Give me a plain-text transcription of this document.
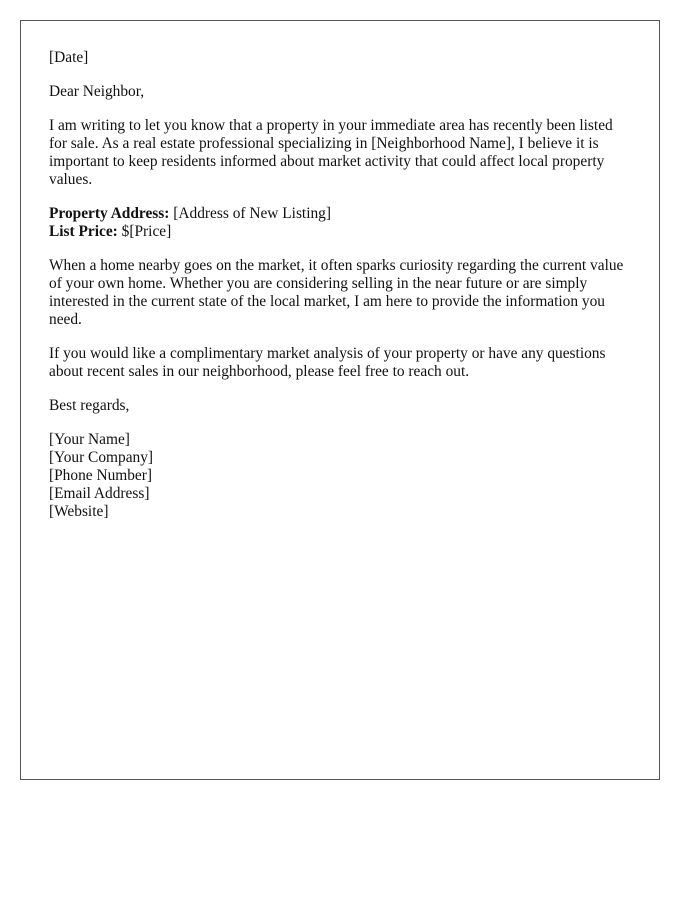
[Date]

Dear Neighbor,

I am writing to let you know that a property in your immediate area has recently been listed for sale. As a real estate professional specializing in [Neighborhood Name], I believe it is important to keep residents informed about market activity that could affect local property values.

Property Address: [Address of New Listing]
List Price: $[Price]

When a home nearby goes on the market, it often sparks curiosity regarding the current value of your own home. Whether you are considering selling in the near future or are simply interested in the current state of the local market, I am here to provide the information you need.

If you would like a complimentary market analysis of your property or have any questions about recent sales in our neighborhood, please feel free to reach out.

Best regards,

[Your Name]
[Your Company]
[Phone Number]
[Email Address]
[Website]
